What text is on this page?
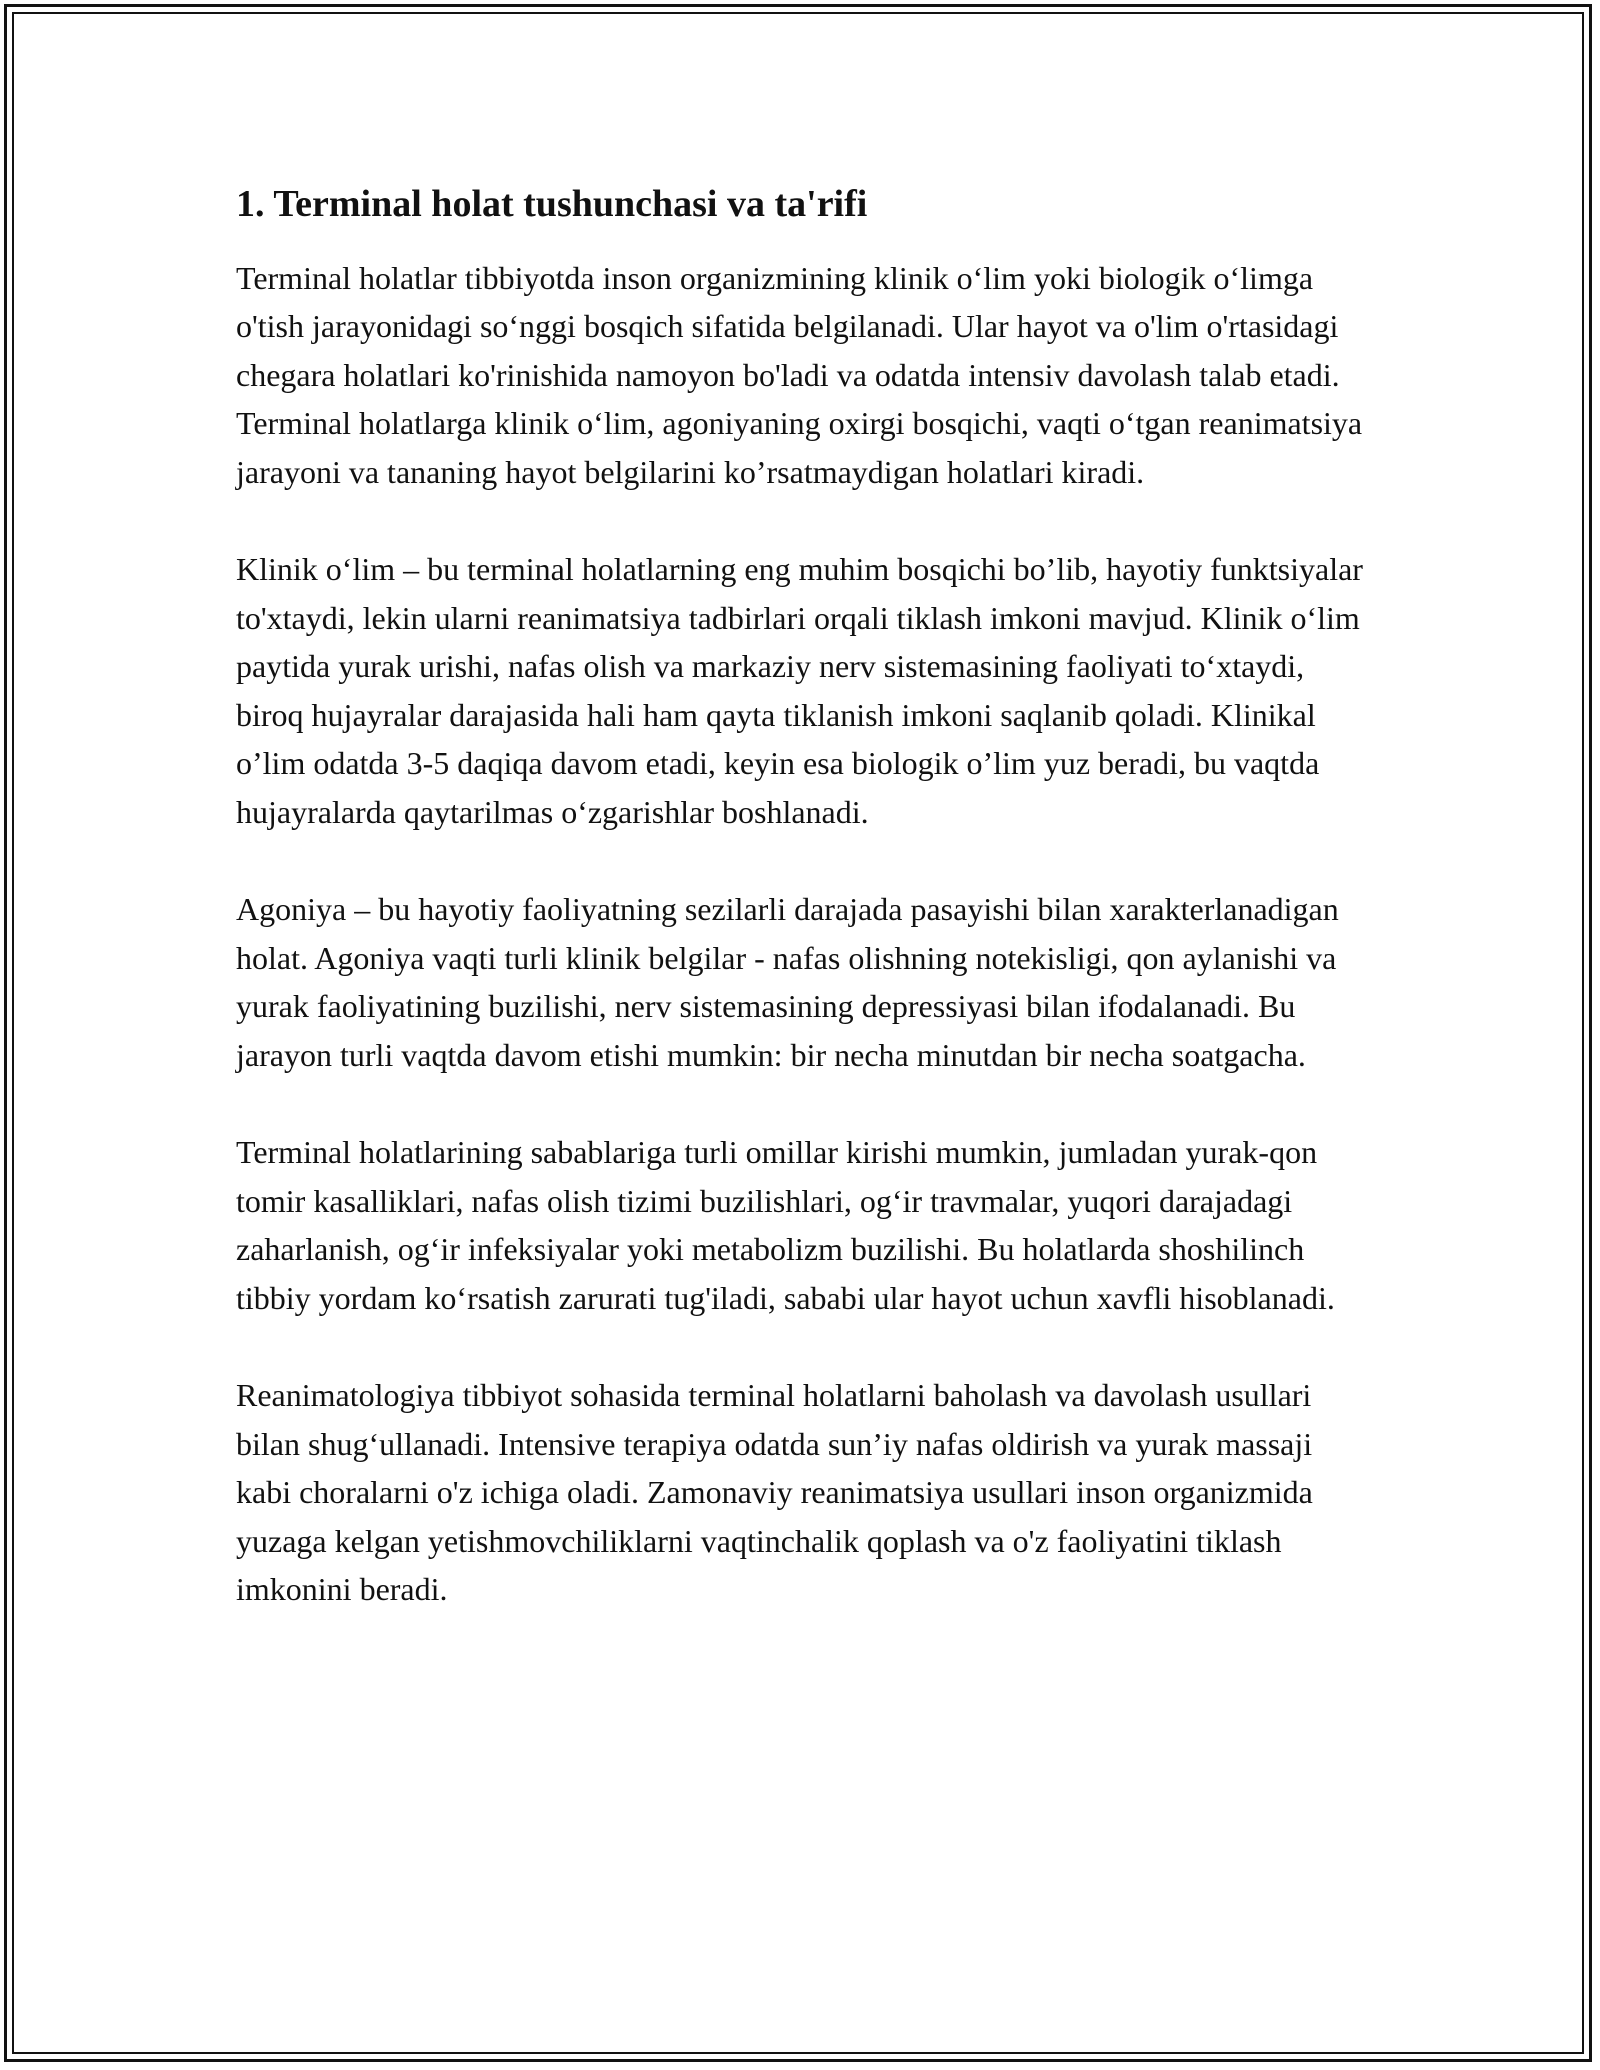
1. Terminal holat tushunchasi va ta'rifi

Terminal holatlar tibbiyotda inson organizmining klinik o‘lim yoki biologik o‘limga o'tish jarayonidagi so‘nggi bosqich sifatida belgilanadi. Ular hayot va o'lim o'rtasidagi chegara holatlari ko'rinishida namoyon bo'ladi va odatda intensiv davolash talab etadi. Terminal holatlarga klinik o‘lim, agoniyaning oxirgi bosqichi, vaqti o‘tgan reanimatsiya jarayoni va tananing hayot belgilarini ko’rsatmaydigan holatlari kiradi.

Klinik o‘lim – bu terminal holatlarning eng muhim bosqichi bo’lib, hayotiy funktsiyalar to'xtaydi, lekin ularni reanimatsiya tadbirlari orqali tiklash imkoni mavjud. Klinik o‘lim paytida yurak urishi, nafas olish va markaziy nerv sistemasining faoliyati to‘xtaydi, biroq hujayralar darajasida hali ham qayta tiklanish imkoni saqlanib qoladi. Klinikal o’lim odatda 3-5 daqiqa davom etadi, keyin esa biologik o’lim yuz beradi, bu vaqtda hujayralarda qaytarilmas o‘zgarishlar boshlanadi.

Agoniya – bu hayotiy faoliyatning sezilarli darajada pasayishi bilan xarakterlanadigan holat. Agoniya vaqti turli klinik belgilar - nafas olishning notekisligi, qon aylanishi va yurak faoliyatining buzilishi, nerv sistemasining depressiyasi bilan ifodalanadi. Bu jarayon turli vaqtda davom etishi mumkin: bir necha minutdan bir necha soatgacha.

Terminal holatlarining sabablariga turli omillar kirishi mumkin, jumladan yurak-qon tomir kasalliklari, nafas olish tizimi buzilishlari, og‘ir travmalar, yuqori darajadagi zaharlanish, og‘ir infeksiyalar yoki metabolizm buzilishi. Bu holatlarda shoshilinch tibbiy yordam ko‘rsatish zarurati tug'iladi, sababi ular hayot uchun xavfli hisoblanadi.

Reanimatologiya tibbiyot sohasida terminal holatlarni baholash va davolash usullari bilan shug‘ullanadi. Intensive terapiya odatda sun’iy nafas oldirish va yurak massaji kabi choralarni o'z ichiga oladi. Zamonaviy reanimatsiya usullari inson organizmida yuzaga kelgan yetishmovchiliklarni vaqtinchalik qoplash va o'z faoliyatini tiklash imkonini beradi.
